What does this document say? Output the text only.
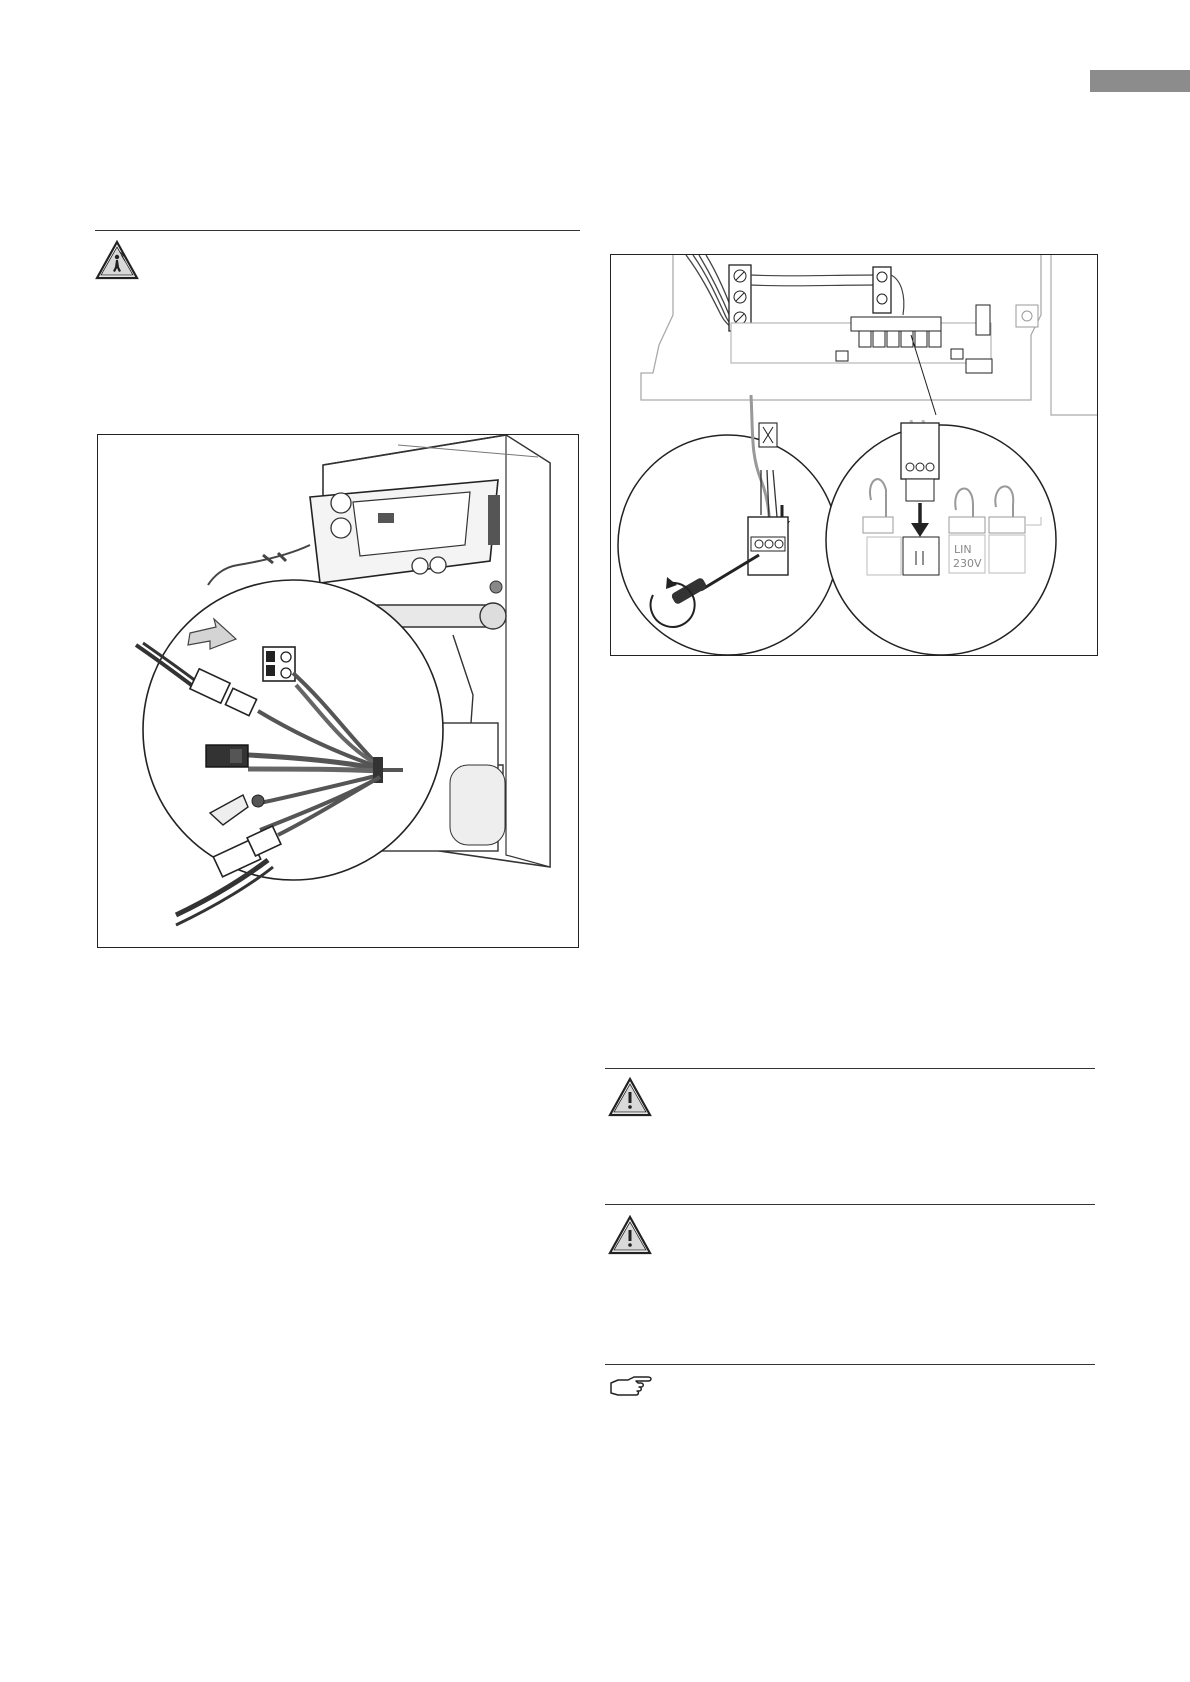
LIN
230V
